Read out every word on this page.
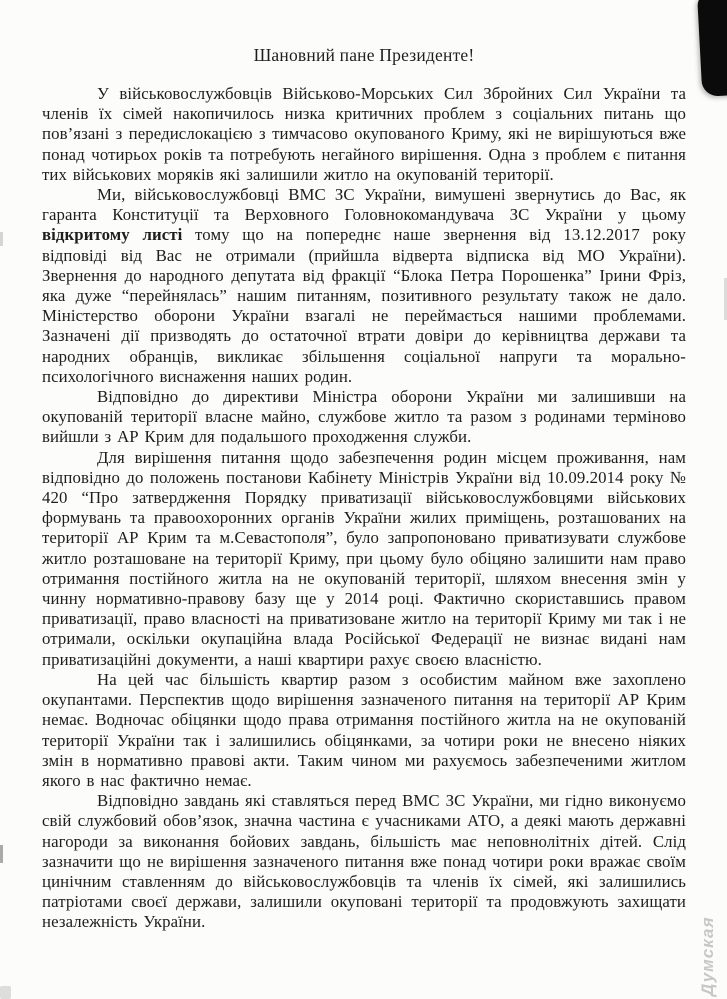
Шановний пане Президенте!

У військовослужбовців Військово-Морських Сил Збройних Сил України та членів їх сімей накопичилось низка критичних проблем з соціальних питань що пов’язані з передислокацією з тимчасово окупованого Криму, які не вирішуються вже понад чотирьох років та потребують негайного вирішення. Одна з проблем є питання тих військових моряків які залишили житло на окупованій території.

Ми, військовослужбовці ВМС ЗС України, вимушені звернутись до Вас, як гаранта Конституції та Верховного Головнокомандувача ЗС України у цьому відкритому листі тому що на попереднє наше звернення від 13.12.2017 року відповіді від Вас не отримали (прийшла відверта відписка від МО України). Звернення до народного депутата від фракції “Блока Петра Порошенка” Ірини Фріз, яка дуже “перейнялась” нашим питанням, позитивного результату також не дало. Міністерство оборони України взагалі не переймається нашими проблемами. Зазначені дії призводять до остаточної втрати довіри до керівництва держави та народних обранців, викликає збільшення соціальної напруги та морально-психологічного виснаження наших родин.

Відповідно до директиви Міністра оборони України ми залишивши на окупованій території власне майно, службове житло та разом з родинами терміново вийшли з АР Крим для подальшого проходження служби.

Для вирішення питання щодо забезпечення родин місцем проживання, нам відповідно до положень постанови Кабінету Міністрів України від 10.09.2014 року № 420 “Про затвердження Порядку приватизації військовослужбовцями військових формувань та правоохоронних органів України жилих приміщень, розташованих на території АР Крим та м.Севастополя”, було запропоновано приватизувати службове житло розташоване на території Криму, при цьому було обіцяно залишити нам право отримання постійного житла на не окупованій території, шляхом внесення змін у чинну нормативно-правову базу ще у 2014 році. Фактично скориставшись правом приватизації, право власності на приватизоване житло на території Криму ми так і не отримали, оскільки окупаційна влада Російської Федерації не визнає видані нам приватизаційні документи, а наші квартири рахує своєю власністю.

На цей час більшість квартир разом з особистим майном вже захоплено окупантами. Перспектив щодо вирішення зазначеного питання на території АР Крим немає. Водночас обіцянки щодо права отримання постійного житла на не окупованій території України так і залишились обіцянками, за чотири роки не внесено ніяких змін в нормативно правові акти. Таким чином ми рахуємось забезпеченими житлом якого в нас фактично немає.

Відповідно завдань які ставляться перед ВМС ЗС України, ми гідно виконуємо свій службовий обов’язок, значна частина є учасниками АТО, а деякі мають державні нагороди за виконання бойових завдань, більшість має неповнолітніх дітей. Слід зазначити що не вирішення зазначеного питання вже понад чотири роки вражає своїм цинічним ставленням до військовослужбовців та членів їх сімей, які залишились патріотами своєї держави, залишили окуповані території та продовжують захищати незалежність України.	Думская
